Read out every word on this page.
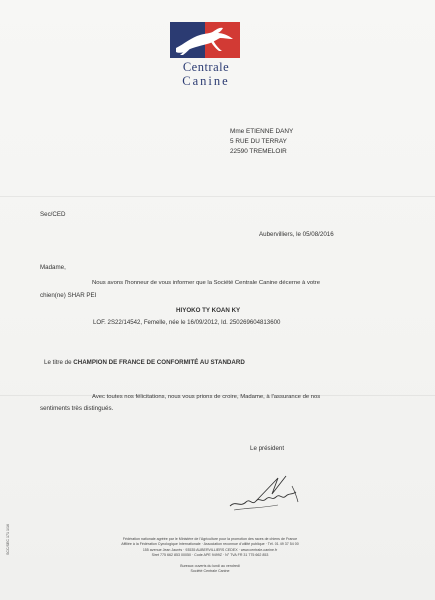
Centrale
Canine
Mme ETIENNE DANY
5 RUE DU TERRAY
22590 TREMELOIR
Sec/CED
Aubervilliers, le 05/08/2016
Madame,
Nous avons l'honneur de vous informer que la Société Centrale Canine décerne à votre
chien(ne) SHAR PEI
HIYOKO TY KOAN KY
LOF. 2S22/14542, Femelle, née le 16/09/2012, Id. 250269604813600
Le titre de CHAMPION DE FRANCE DE CONFORMITÉ AU STANDARD
Avec toutes nos félicitations, nous vous prions de croire, Madame, à l'assurance de nos
sentiments très distingués.
Le président
Fédération nationale agréée par le Ministère de l'Agriculture pour la promotion des races de chiens de France
Affiliée à la Fédération Cynologique Internationale · Association reconnue d'utilité publique · Tél. 01 49 37 54 00
155 avenue Jean Jaurès · 93535 AUBERVILLIERS CEDEX · www.centrale-canine.fr
Siret 775 662 853 00050 · Code APE 9499Z · N° TVA FR 31 775 662 853
Bureaux ouverts du lundi au vendredi
Société Centrale Canine
SCC/SEC 171 1/16
